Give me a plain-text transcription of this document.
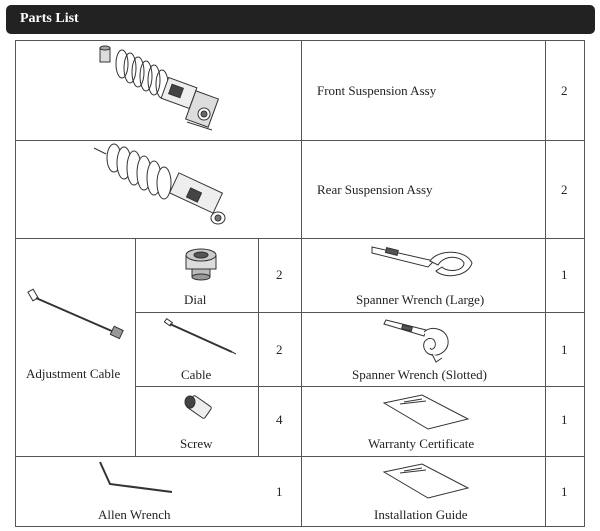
Parts List
Front Suspension Assy	2
Rear Suspension Assy	2
Adjustment Cable
Dial
2
Cable
2
Screw
4
Allen Wrench
1
Spanner Wrench (Large)
1
Spanner Wrench (Slotted)
1
Warranty Certificate
1
Installation Guide
1
